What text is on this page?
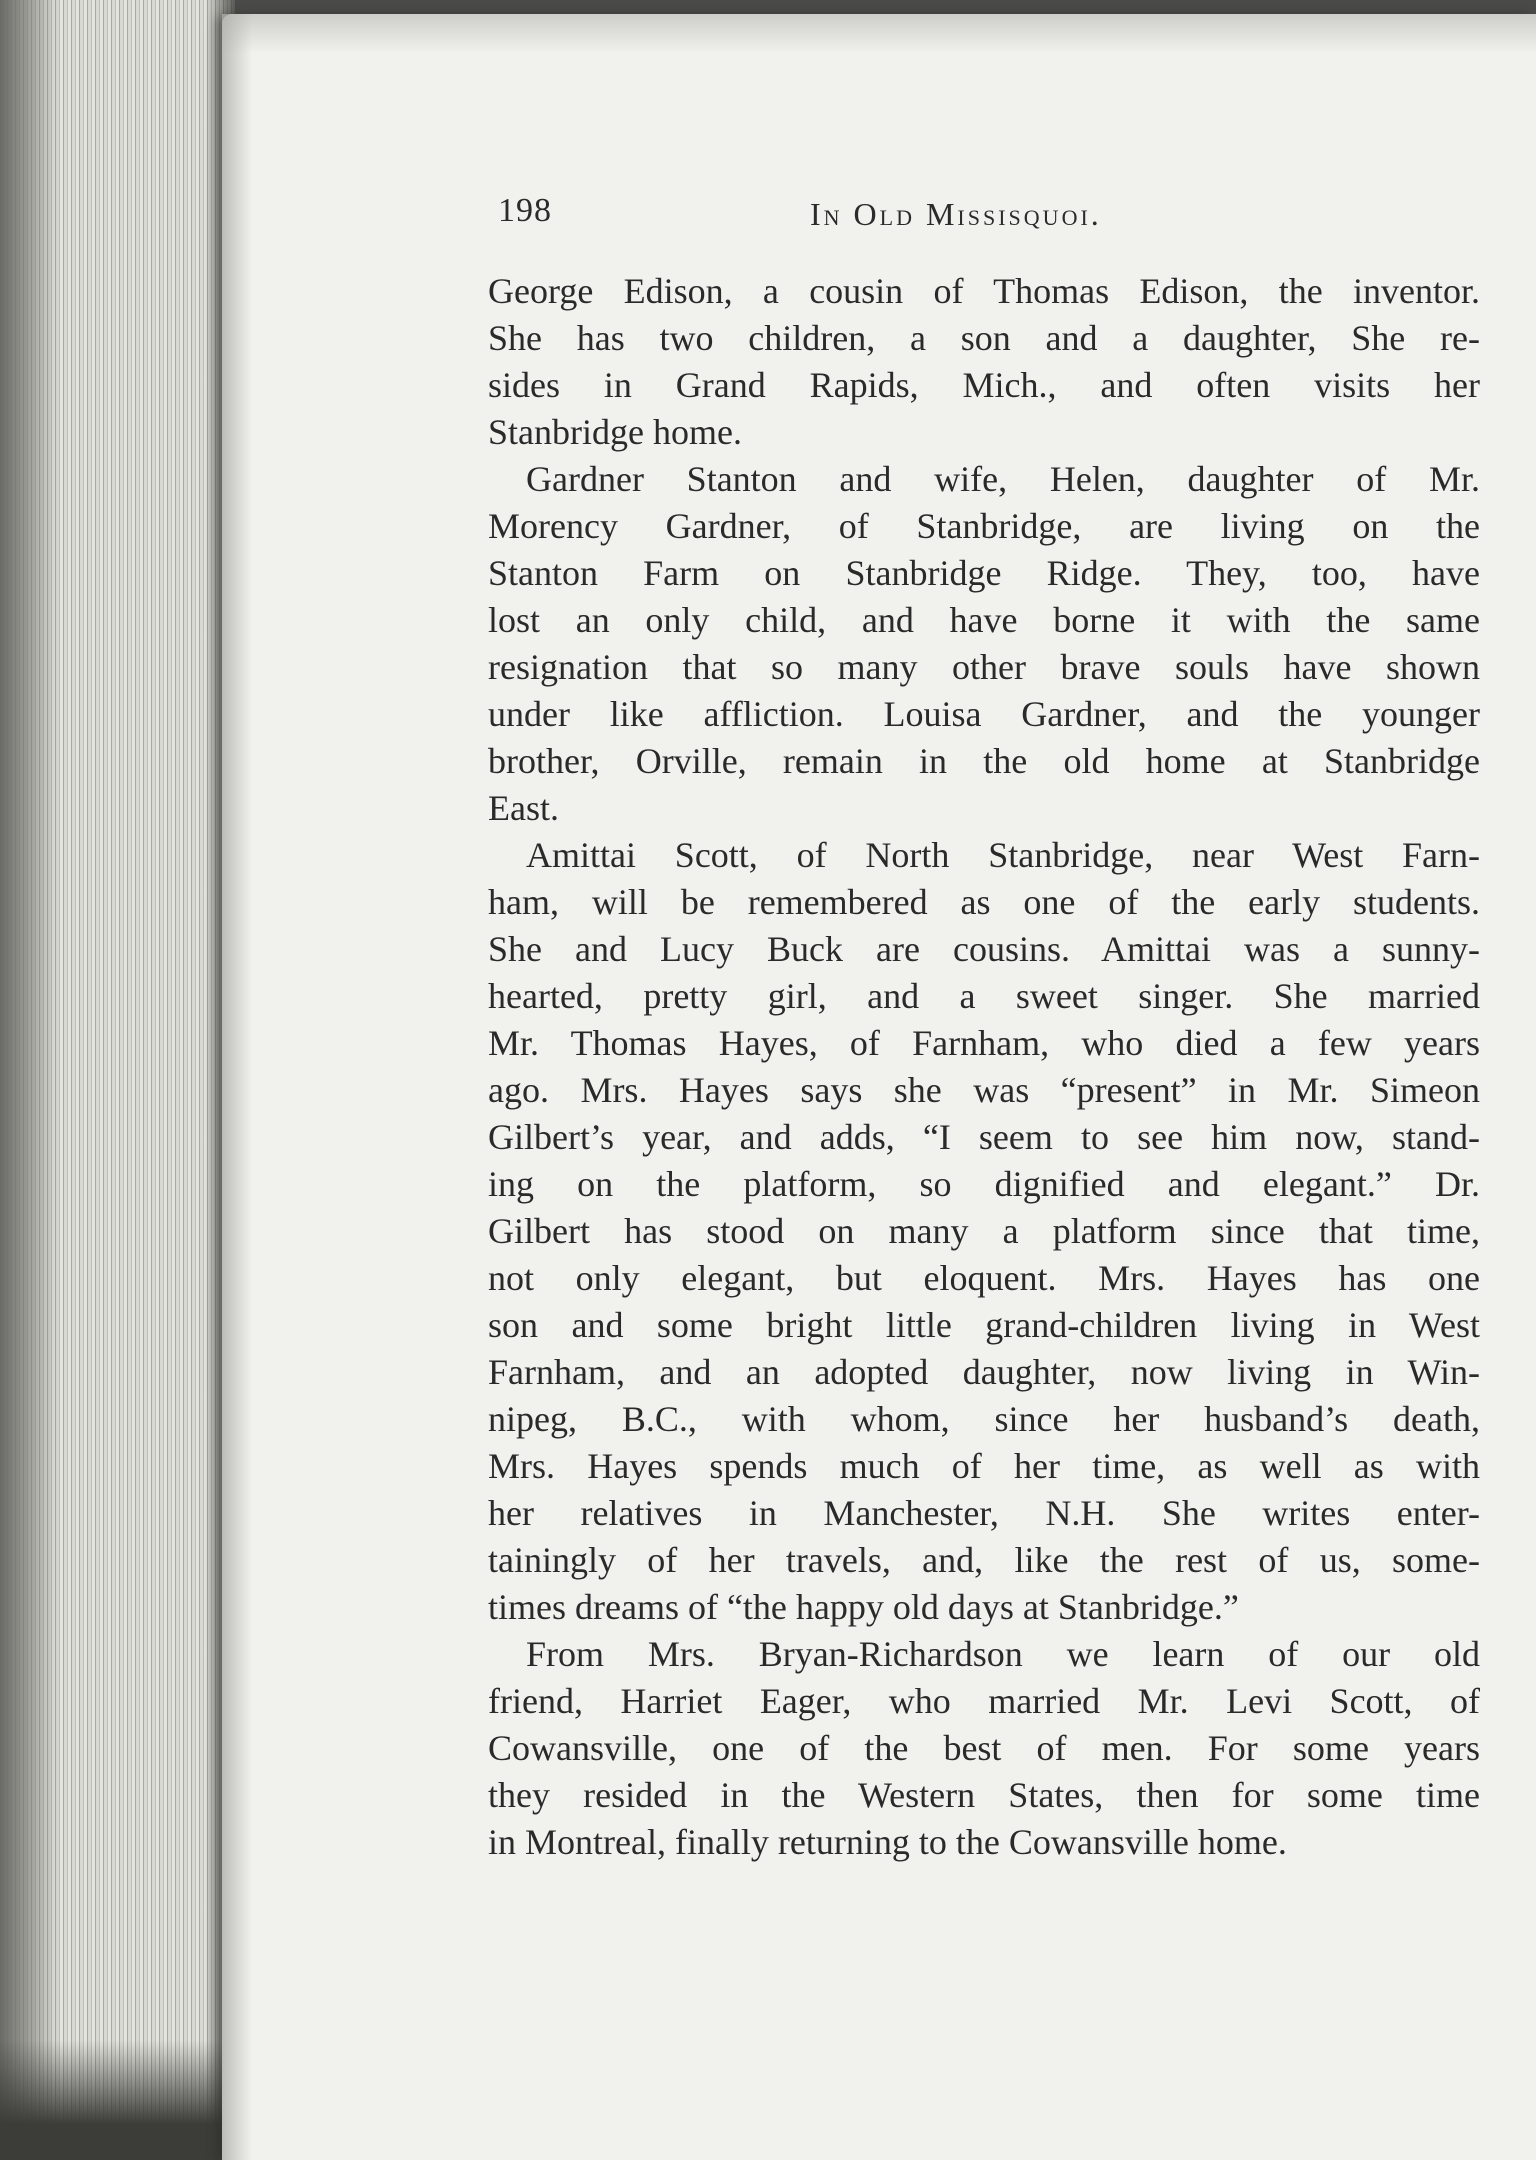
198	In Old Missisquoi.
George Edison, a cousin of Thomas Edison, the inventor.
She has two children, a son and a daughter, She re-
sides in Grand Rapids, Mich., and often visits her
Stanbridge home.
Gardner Stanton and wife, Helen, daughter of Mr.
Morency Gardner, of Stanbridge, are living on the
Stanton Farm on Stanbridge Ridge. They, too, have
lost an only child, and have borne it with the same
resignation that so many other brave souls have shown
under like affliction. Louisa Gardner, and the younger
brother, Orville, remain in the old home at Stanbridge
East.
Amittai Scott, of North Stanbridge, near West Farn-
ham, will be remembered as one of the early students.
She and Lucy Buck are cousins. Amittai was a sunny-
hearted, pretty girl, and a sweet singer. She married
Mr. Thomas Hayes, of Farnham, who died a few years
ago. Mrs. Hayes says she was “present” in Mr. Simeon
Gilbert’s year, and adds, “I seem to see him now, stand-
ing on the platform, so dignified and elegant.” Dr.
Gilbert has stood on many a platform since that time,
not only elegant, but eloquent. Mrs. Hayes has one
son and some bright little grand-children living in West
Farnham, and an adopted daughter, now living in Win-
nipeg, B.C., with whom, since her husband’s death,
Mrs. Hayes spends much of her time, as well as with
her relatives in Manchester, N.H. She writes enter-
tainingly of her travels, and, like the rest of us, some-
times dreams of “the happy old days at Stanbridge.”
From Mrs. Bryan-Richardson we learn of our old
friend, Harriet Eager, who married Mr. Levi Scott, of
Cowansville, one of the best of men. For some years
they resided in the Western States, then for some time
in Montreal, finally returning to the Cowansville home.
